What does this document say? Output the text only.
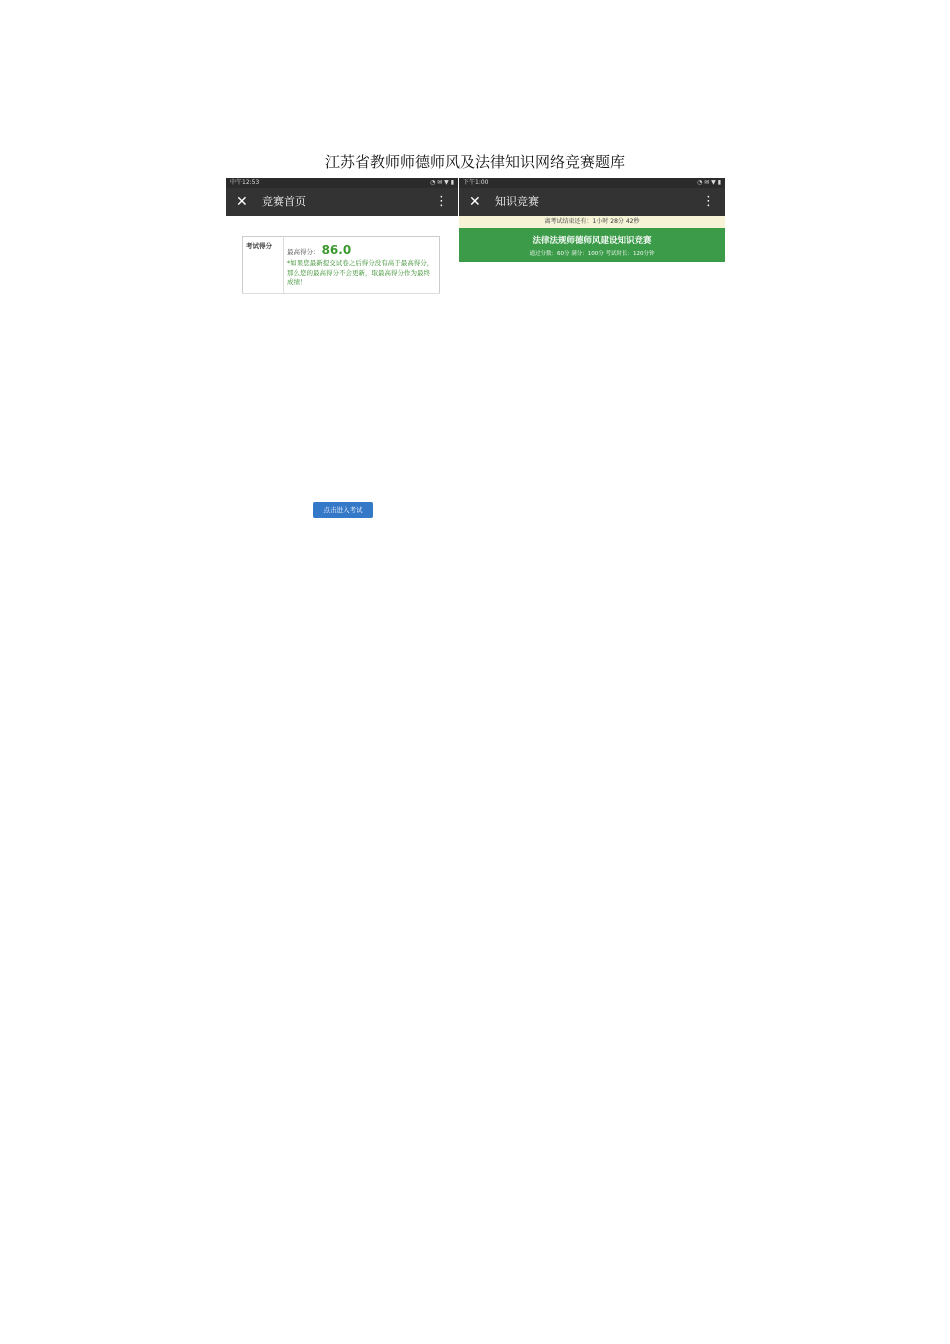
江苏省教师师德师风及法律知识网络竞赛题库
中午12:53	◔ ✉ ▼ ▮
✕ 竞赛首页	⋮
考试得分	最高得分： 86.0
*如果您最新提交试卷之后得分没有高于最高得分，那么您的最高得分不会更新，取最高得分作为最终成绩！
点击进入考试
下午1:00	◔ ✉ ▼ ▮
✕ 知识竞赛	⋮
离考试结束还有：1小时 28分 42秒
法律法规师德师风建设知识竞赛
通过分数：60分 满分：100分 考试时长：120分钟
